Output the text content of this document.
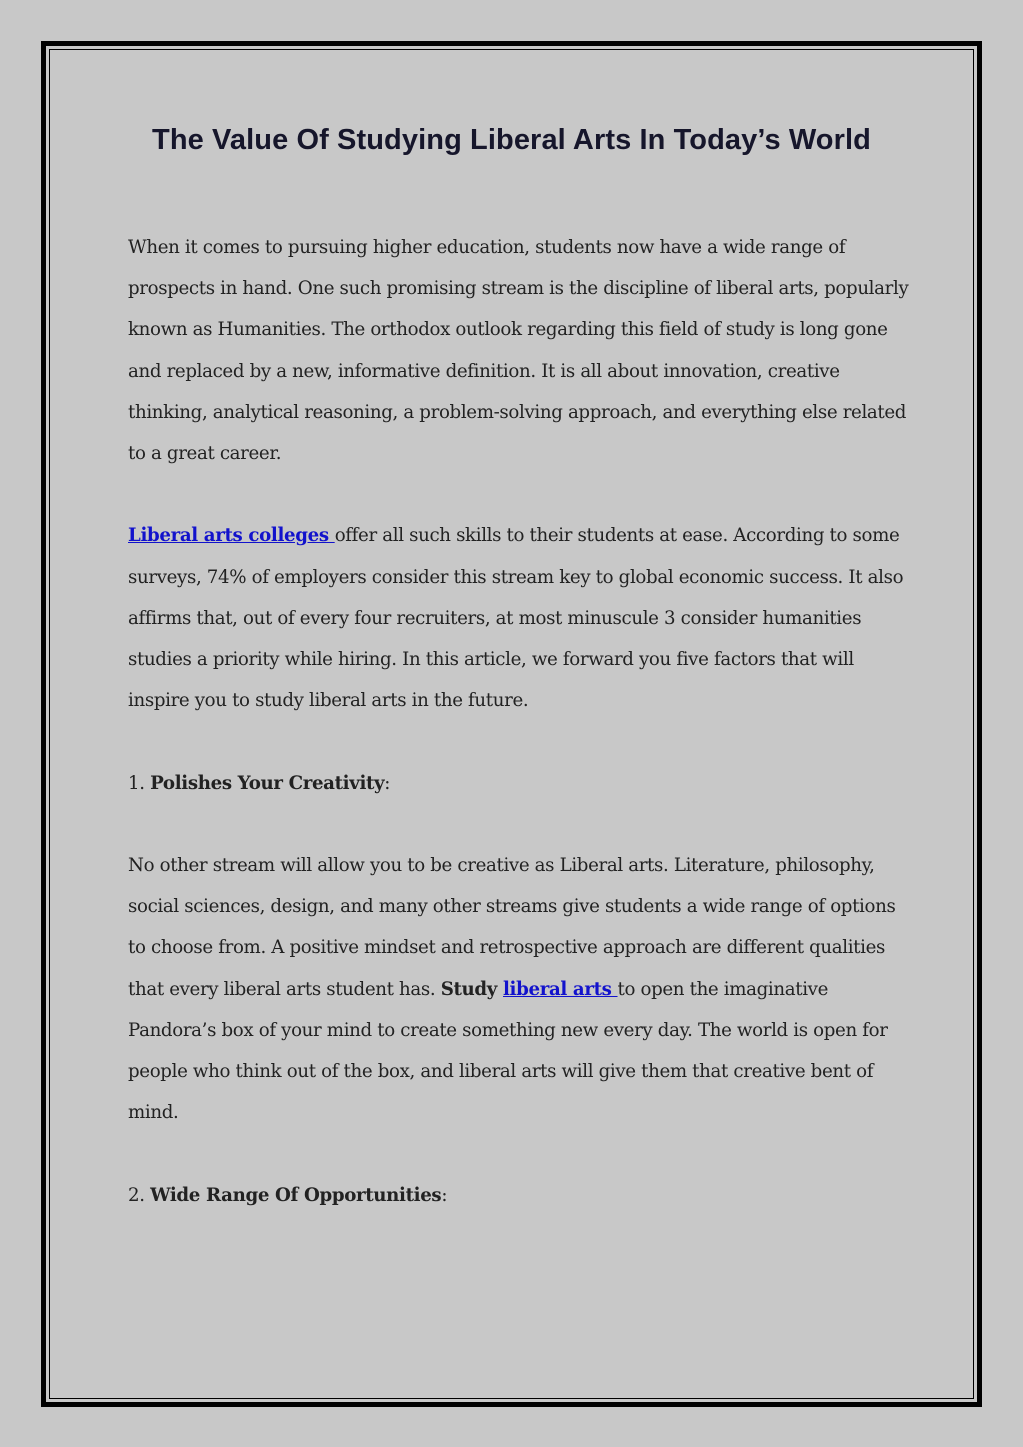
The Value Of Studying Liberal Arts In Today’s World

When it comes to pursuing higher education, students now have a wide range of prospects in hand. One such promising stream is the discipline of liberal arts, popularly known as Humanities. The orthodox outlook regarding this field of study is long gone and replaced by a new, informative definition. It is all about innovation, creative thinking, analytical reasoning, a problem-solving approach, and everything else related to a great career.

Liberal arts colleges offer all such skills to their students at ease. According to some surveys, 74% of employers consider this stream key to global economic success. It also affirms that, out of every four recruiters, at most minuscule 3 consider humanities studies a priority while hiring. In this article, we forward you five factors that will inspire you to study liberal arts in the future.

1. Polishes Your Creativity:

No other stream will allow you to be creative as Liberal arts. Literature, philosophy, social sciences, design, and many other streams give students a wide range of options to choose from. A positive mindset and retrospective approach are different qualities that every liberal arts student has. Study liberal arts to open the imaginative Pandora’s box of your mind to create something new every day. The world is open for people who think out of the box, and liberal arts will give them that creative bent of mind.

2. Wide Range Of Opportunities:
